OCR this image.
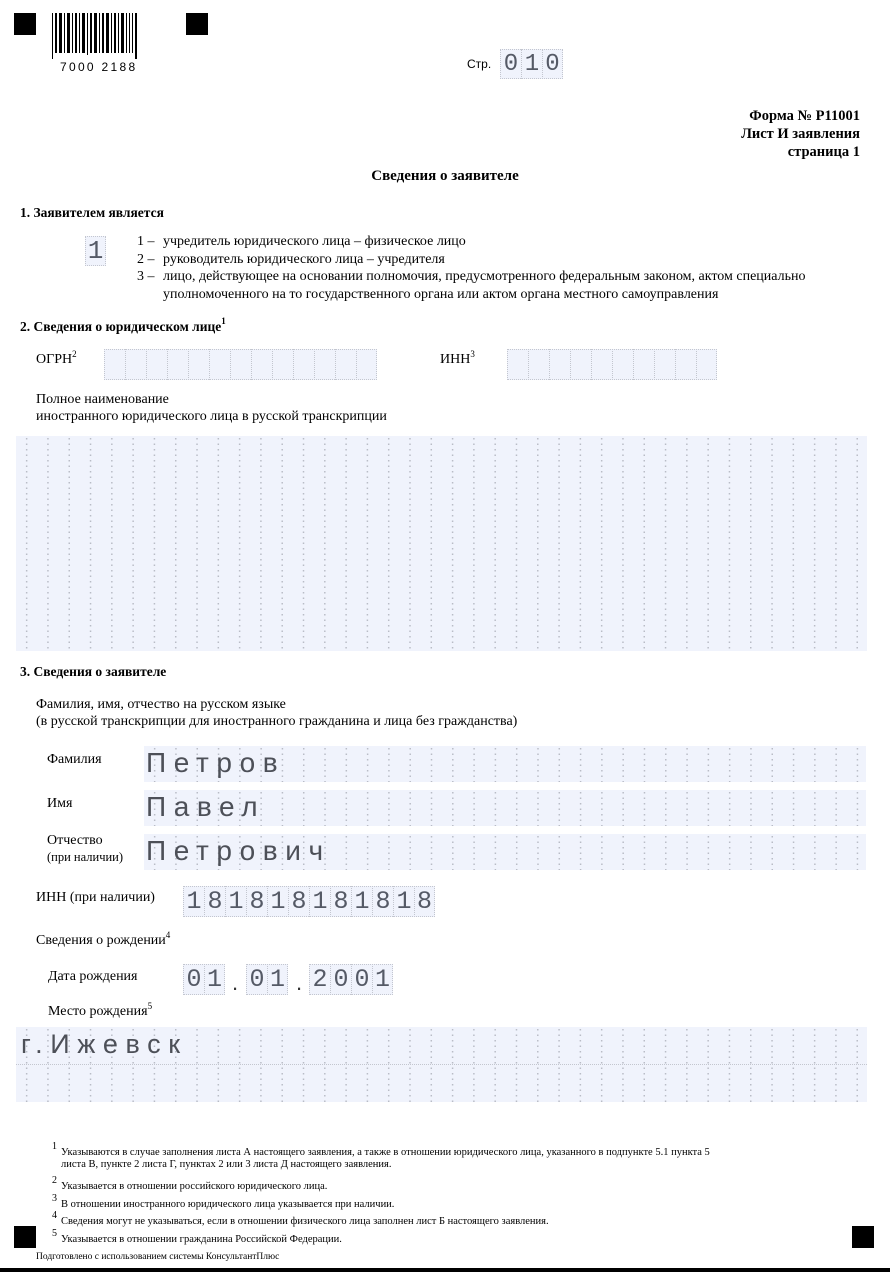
7000 2188	Стр. 0 1 0
Форма № Р11001
Лист И заявления
страница 1
Сведения о заявителе
1. Заявителем является
1 1 – учредитель юридического лица – физическое лицо
2 – руководитель юридического лица – учредителя
3 – лицо, действующее на основании полномочия, предусмотренного федеральным законом, актом специально
уполномоченного на то государственного органа или актом органа местного самоуправления
2. Сведения о юридическом лице$^1$
ОГРН$^2$	ИНН$^3$
Полное наименование
иностранного юридического лица в русской транскрипции
3. Сведения о заявителе
Фамилия, имя, отчество на русском языке
(в русской транскрипции для иностранного гражданина и лица без гражданства)
Фамилия Петров
Имя	Павел
Отчество
(при наличии) Петрович
ИНН (при наличии) 1 8 1 8 1 8 1 8 1 8 1 8
Сведения о рождении$^4$
Дата рождения 0 1 . 0 1 . 2 0 0 1
Место рождения$^5$
г.Ижевск
1
Указываются в случае заполнения листа А настоящего заявления, а также в отношении юридического лица, указанного в подпункте 5.1 пункта 5
листа В, пункте 2 листа Г, пунктах 2 или 3 листа Д настоящего заявления.
2
Указывается в отношении российского юридического лица.
3
В отношении иностранного юридического лица указывается при наличии.
4
Сведения могут не указываться, если в отношении физического лица заполнен лист Б настоящего заявления.
5
Указывается в отношении гражданина Российской Федерации.
Подготовлено с использованием системы КонсультантПлюс
